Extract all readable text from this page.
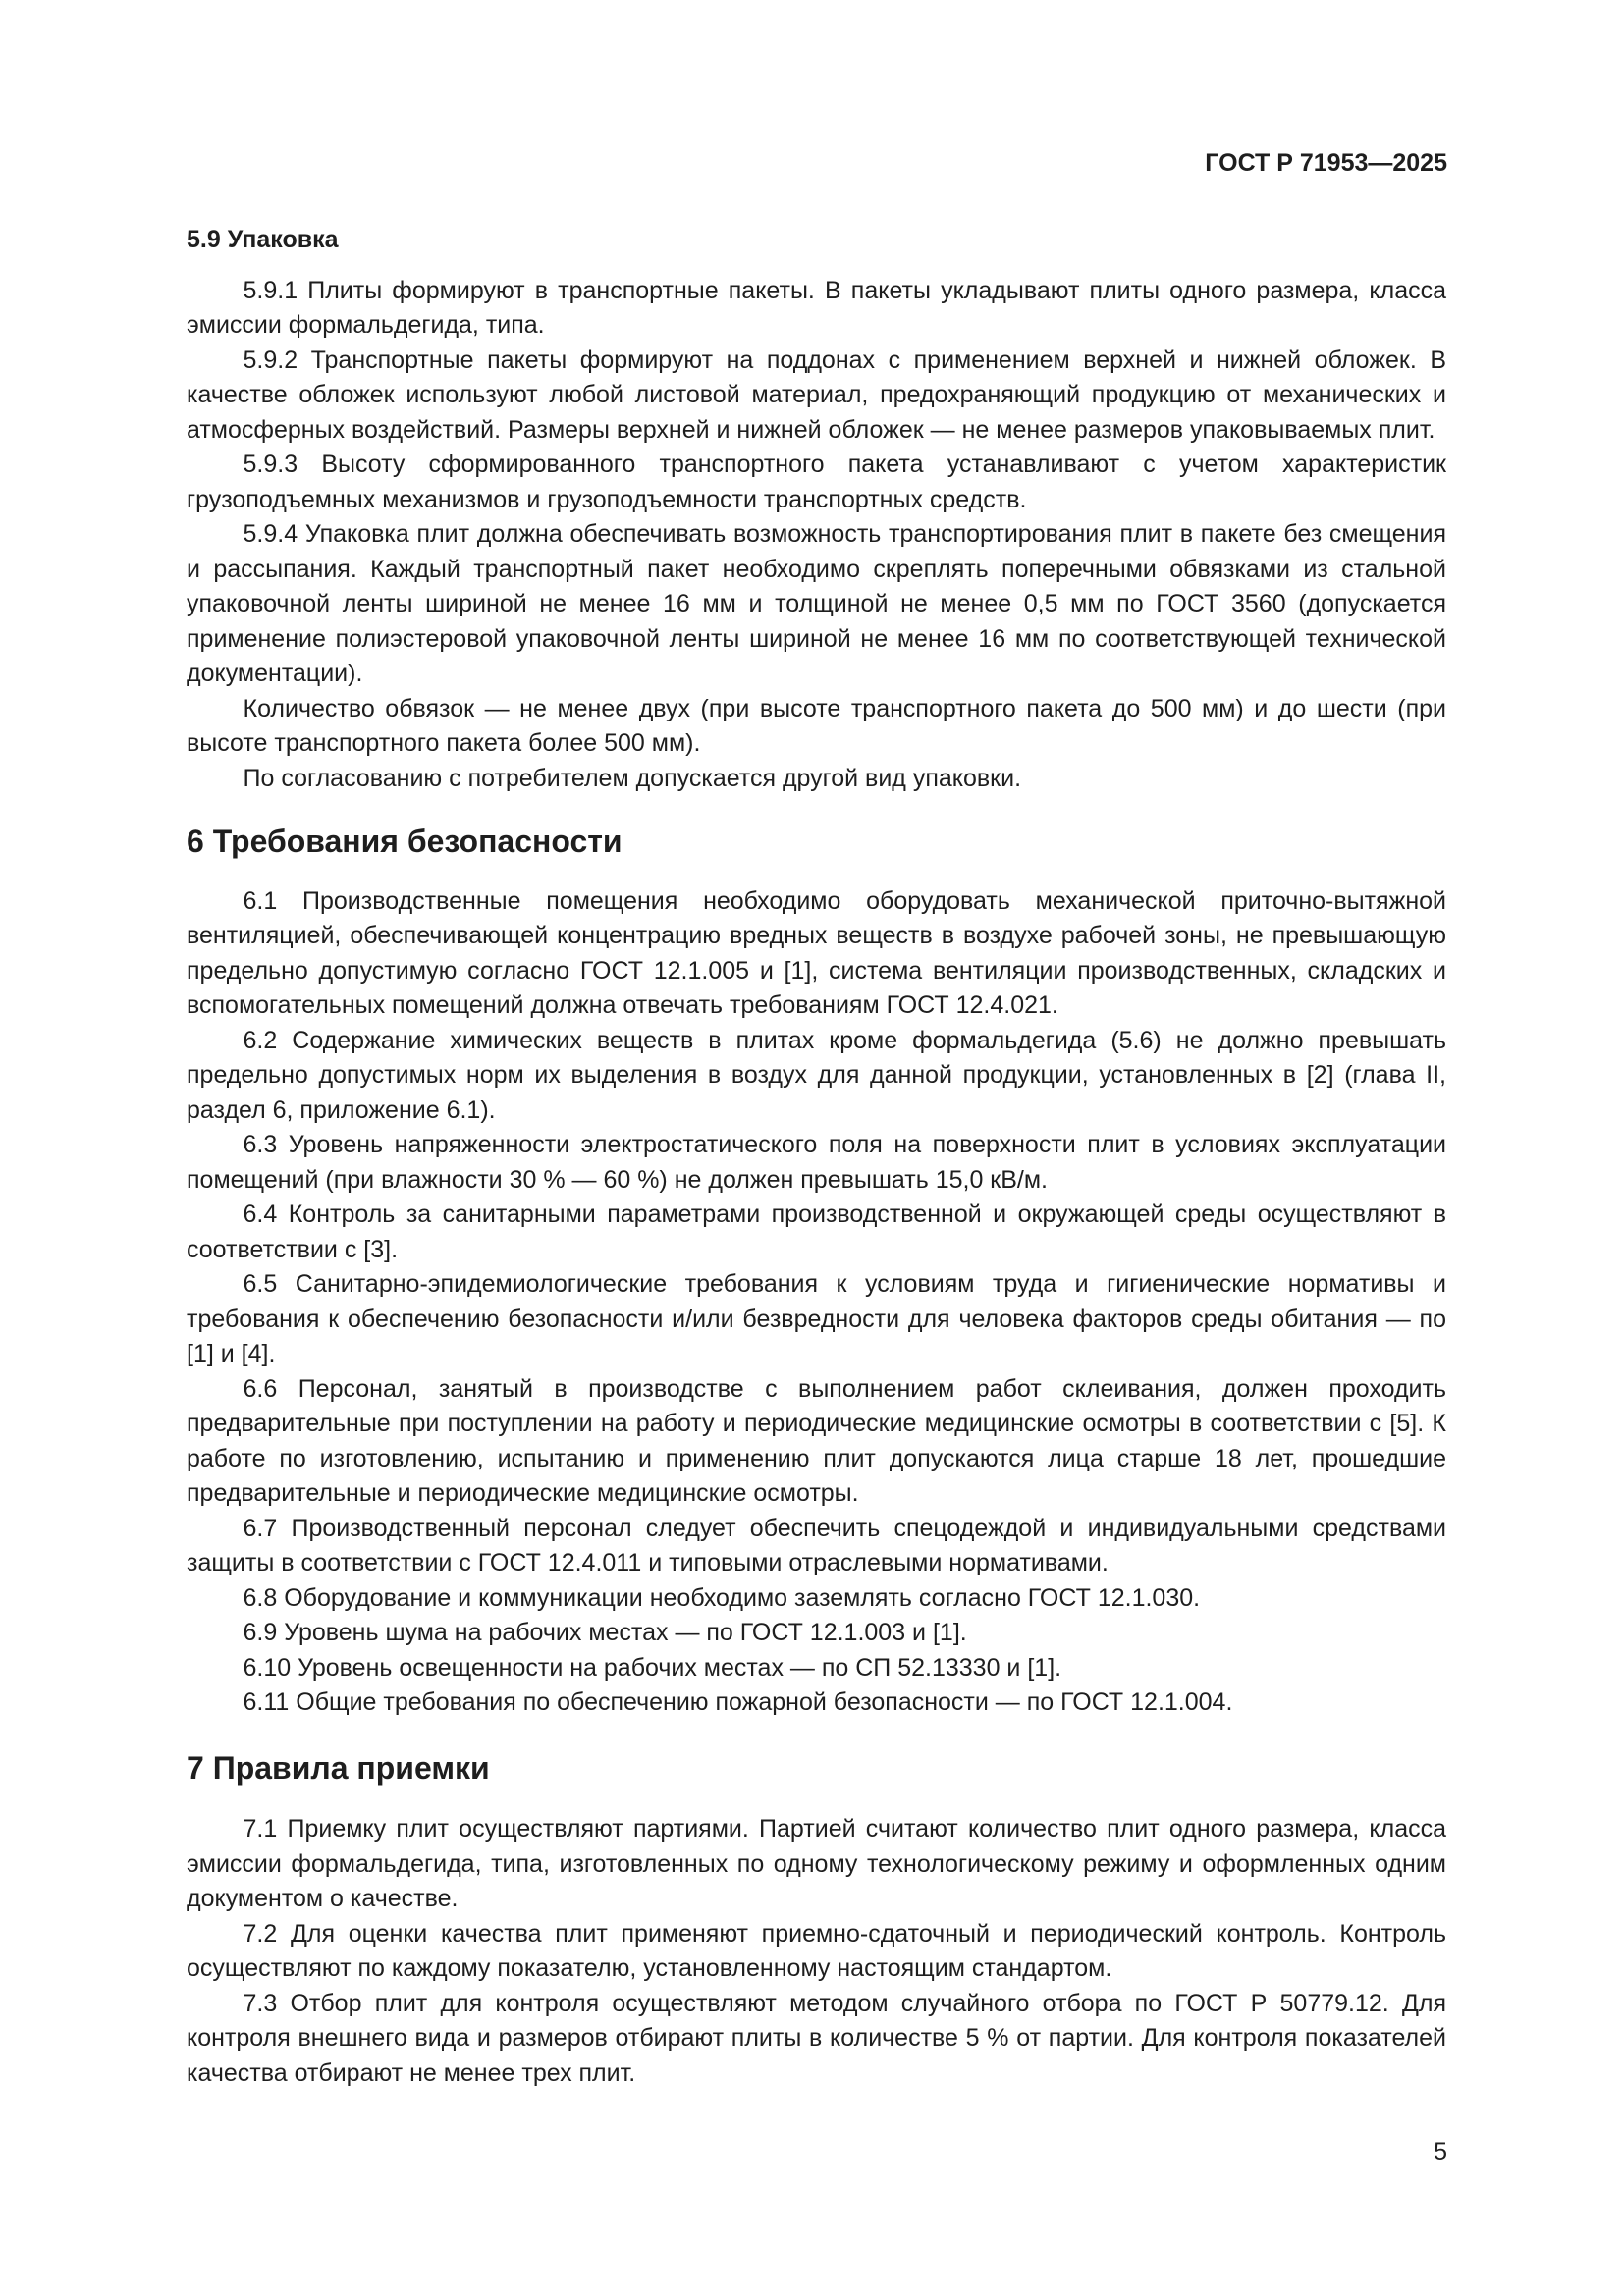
ГОСТ Р 71953—2025
5.9 Упаковка

5.9.1 Плиты формируют в транспортные пакеты. В пакеты укладывают плиты одного размера, класса эмиссии формальдегида, типа.

5.9.2 Транспортные пакеты формируют на поддонах с применением верхней и нижней обложек. В качестве обложек используют любой листовой материал, предохраняющий продукцию от механических и атмосферных воздействий. Размеры верхней и нижней обложек — не менее размеров упаковываемых плит.

5.9.3 Высоту сформированного транспортного пакета устанавливают с учетом характеристик грузоподъемных механизмов и грузоподъемности транспортных средств.

5.9.4 Упаковка плит должна обеспечивать возможность транспортирования плит в пакете без смещения и рассыпания. Каждый транспортный пакет необходимо скреплять поперечными обвязками из стальной упаковочной ленты шириной не менее 16 мм и толщиной не менее 0,5 мм по ГОСТ 3560 (допускается применение полиэстеровой упаковочной ленты шириной не менее 16 мм по соответствующей технической документации).

Количество обвязок — не менее двух (при высоте транспортного пакета до 500 мм) и до шести (при высоте транспортного пакета более 500 мм).

По согласованию с потребителем допускается другой вид упаковки.

6 Требования безопасности

6.1 Производственные помещения необходимо оборудовать механической приточно-вытяжной вентиляцией, обеспечивающей концентрацию вредных веществ в воздухе рабочей зоны, не превышающую предельно допустимую согласно ГОСТ 12.1.005 и [1], система вентиляции производственных, складских и вспомогательных помещений должна отвечать требованиям ГОСТ 12.4.021.

6.2 Содержание химических веществ в плитах кроме формальдегида (5.6) не должно превышать предельно допустимых норм их выделения в воздух для данной продукции, установленных в [2] (глава II, раздел 6, приложение 6.1).

6.3 Уровень напряженности электростатического поля на поверхности плит в условиях эксплуатации помещений (при влажности 30 % — 60 %) не должен превышать 15,0 кВ/м.

6.4 Контроль за санитарными параметрами производственной и окружающей среды осуществляют в соответствии с [3].

6.5 Санитарно-эпидемиологические требования к условиям труда и гигиенические нормативы и требования к обеспечению безопасности и/или безвредности для человека факторов среды обитания — по [1] и [4].

6.6 Персонал, занятый в производстве с выполнением работ склеивания, должен проходить предварительные при поступлении на работу и периодические медицинские осмотры в соответствии с [5]. К работе по изготовлению, испытанию и применению плит допускаются лица старше 18 лет, прошедшие предварительные и периодические медицинские осмотры.

6.7 Производственный персонал следует обеспечить спецодеждой и индивидуальными средствами защиты в соответствии с ГОСТ 12.4.011 и типовыми отраслевыми нормативами.

6.8 Оборудование и коммуникации необходимо заземлять согласно ГОСТ 12.1.030.

6.9 Уровень шума на рабочих местах — по ГОСТ 12.1.003 и [1].

6.10 Уровень освещенности на рабочих местах — по СП 52.13330 и [1].

6.11 Общие требования по обеспечению пожарной безопасности — по ГОСТ 12.1.004.

7 Правила приемки

7.1 Приемку плит осуществляют партиями. Партией считают количество плит одного размера, класса эмиссии формальдегида, типа, изготовленных по одному технологическому режиму и оформленных одним документом о качестве.

7.2 Для оценки качества плит применяют приемно-сдаточный и периодический контроль. Контроль осуществляют по каждому показателю, установленному настоящим стандартом.

7.3 Отбор плит для контроля осуществляют методом случайного отбора по ГОСТ Р 50779.12. Для контроля внешнего вида и размеров отбирают плиты в количестве 5 % от партии. Для контроля показателей качества отбирают не менее трех плит.

5
